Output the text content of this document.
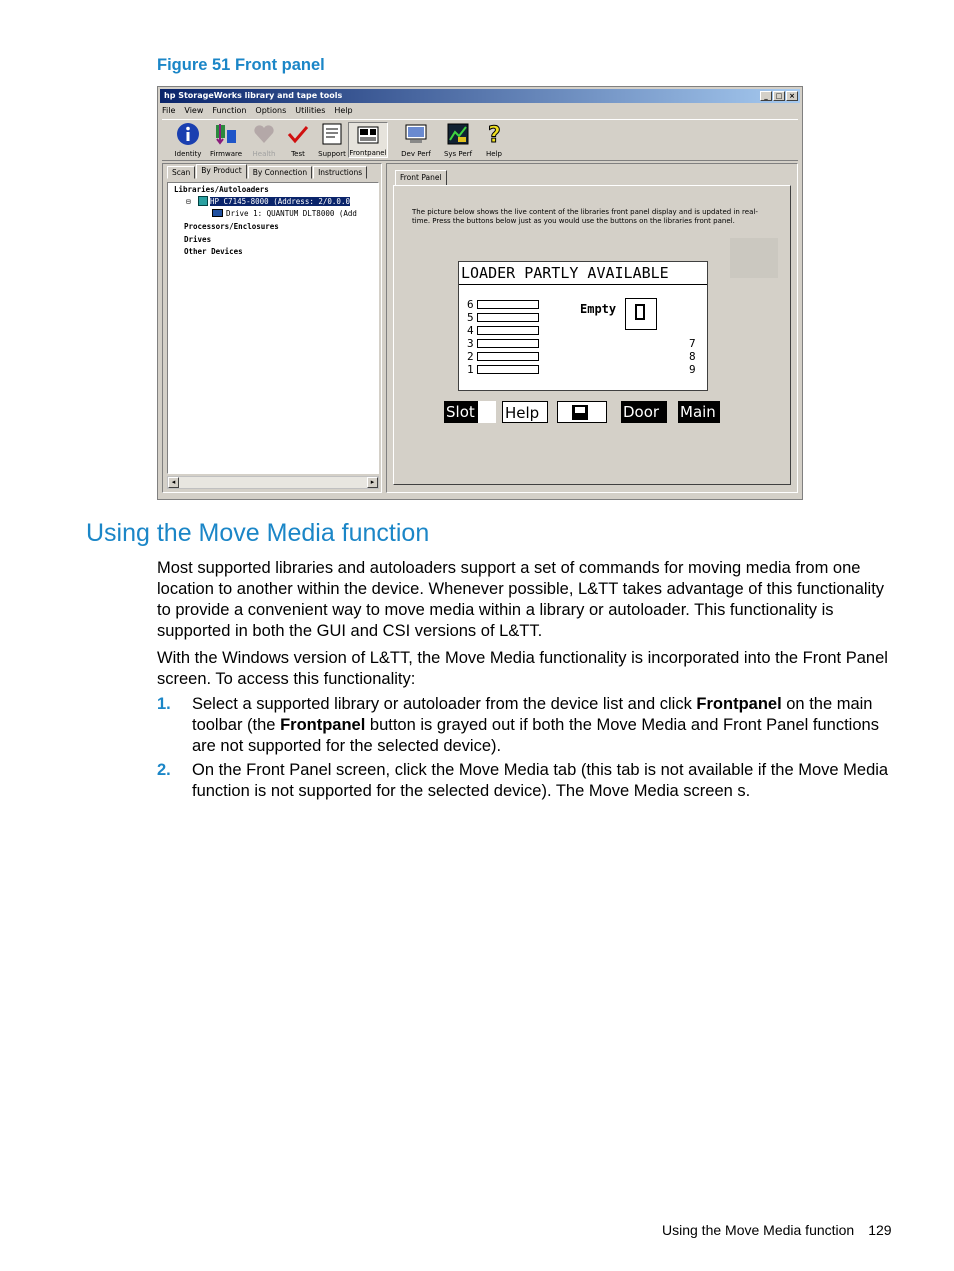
Figure 51 Front panel
hp StorageWorks library and tape tools	_	□ ×
File View Function Options Utilities Help
Identity	Firmware	Health	Test	Support Frontpanel	Dev Perf	Sys Perf
?
Help
Scan	By Product	By Connection	Instructions
Libraries/Autoloaders
⊟	HP C7145-8000 (Address: 2/0.0.0
Drive 1: QUANTUM DLT8000 (Add
Processors/Enclosures
Drives
Other Devices
◂	▸
Front Panel
The picture below shows the live content of the libraries front panel display and is updated in real-time. Press the buttons below just as you would use the buttons on the libraries front panel.
LOADER PARTLY AVAILABLE
6
5
4
3
2
1
Empty
7
8
9
Slot Help	Door	Main
Using the Move Media function

Most supported libraries and autoloaders support a set of commands for moving media from one location to another within the device. Whenever possible, L&TT takes advantage of this functionality to provide a convenient way to move media within a library or autoloader. This functionality is supported in both the GUI and CSI versions of L&TT.

With the Windows version of L&TT, the Move Media functionality is incorporated into the Front Panel screen. To access this functionality:

1. Select a supported library or autoloader from the device list and click Frontpanel on the main toolbar (the Frontpanel button is grayed out if both the Move Media and Front Panel functions are not supported for the selected device).

2. On the Front Panel screen, click the Move Media tab (this tab is not available if the Move Media function is not supported for the selected device). The Move Media screen s.

Using the Move Media function 129
